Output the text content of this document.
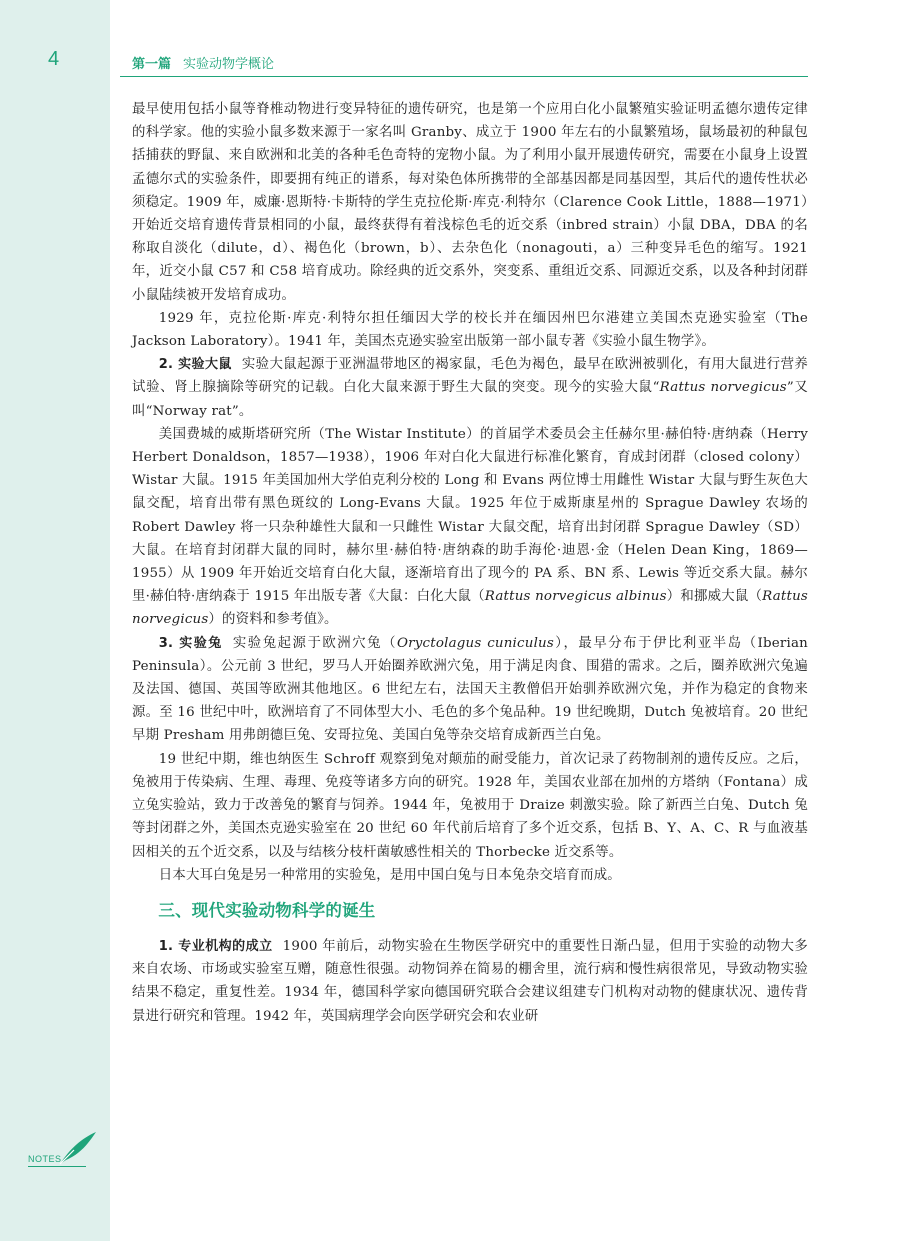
4	第一篇 实验动物学概论

最早使用包括小鼠等脊椎动物进行变异特征的遗传研究，也是第一个应用白化小鼠繁殖实验证明孟德尔遗传定律的科学家。他的实验小鼠多数来源于一家名叫 Granby、成立于 1900 年左右的小鼠繁殖场，鼠场最初的种鼠包括捕获的野鼠、来自欧洲和北美的各种毛色奇特的宠物小鼠。为了利用小鼠开展遗传研究，需要在小鼠身上设置孟德尔式的实验条件，即要拥有纯正的谱系，每对染色体所携带的全部基因都是同基因型，其后代的遗传性状必须稳定。1909 年，威廉·恩斯特·卡斯特的学生克拉伦斯·库克·利特尔（Clarence Cook Little，1888—1971）开始近交培育遗传背景相同的小鼠，最终获得有着浅棕色毛的近交系（inbred strain）小鼠 DBA，DBA 的名称取自淡化（dilute，d）、褐色化（brown，b）、去杂色化（nonagouti，a）三种变异毛色的缩写。1921 年，近交小鼠 C57 和 C58 培育成功。除经典的近交系外，突变系、重组近交系、同源近交系，以及各种封闭群小鼠陆续被开发培育成功。

1929 年，克拉伦斯·库克·利特尔担任缅因大学的校长并在缅因州巴尔港建立美国杰克逊实验室（The Jackson Laboratory）。1941 年，美国杰克逊实验室出版第一部小鼠专著《实验小鼠生物学》。

2. 实验大鼠 实验大鼠起源于亚洲温带地区的褐家鼠，毛色为褐色，最早在欧洲被驯化，有用大鼠进行营养试验、肾上腺摘除等研究的记载。白化大鼠来源于野生大鼠的突变。现今的实验大鼠“Rattus norvegicus”又叫“Norway rat”。

美国费城的威斯塔研究所（The Wistar Institute）的首届学术委员会主任赫尔里·赫伯特·唐纳森（Herry Herbert Donaldson，1857—1938），1906 年对白化大鼠进行标准化繁育，育成封闭群（closed colony）Wistar 大鼠。1915 年美国加州大学伯克利分校的 Long 和 Evans 两位博士用雌性 Wistar 大鼠与野生灰色大鼠交配，培育出带有黑色斑纹的 Long-Evans 大鼠。1925 年位于威斯康星州的 Sprague Dawley 农场的 Robert Dawley 将一只杂种雄性大鼠和一只雌性 Wistar 大鼠交配，培育出封闭群 Sprague Dawley（SD）大鼠。在培育封闭群大鼠的同时，赫尔里·赫伯特·唐纳森的助手海伦·迪恩·金（Helen Dean King，1869—1955）从 1909 年开始近交培育白化大鼠，逐渐培育出了现今的 PA 系、BN 系、Lewis 等近交系大鼠。赫尔里·赫伯特·唐纳森于 1915 年出版专著《大鼠：白化大鼠（Rattus norvegicus albinus）和挪威大鼠（Rattus norvegicus）的资料和参考值》。

3. 实验兔 实验兔起源于欧洲穴兔（Oryctolagus cuniculus），最早分布于伊比利亚半岛（Iberian Peninsula）。公元前 3 世纪，罗马人开始圈养欧洲穴兔，用于满足肉食、围猎的需求。之后，圈养欧洲穴兔遍及法国、德国、英国等欧洲其他地区。6 世纪左右，法国天主教僧侣开始驯养欧洲穴兔，并作为稳定的食物来源。至 16 世纪中叶，欧洲培育了不同体型大小、毛色的多个兔品种。19 世纪晚期，Dutch 兔被培育。20 世纪早期 Presham 用弗朗德巨兔、安哥拉兔、美国白兔等杂交培育成新西兰白兔。

19 世纪中期，维也纳医生 Schroff 观察到兔对颠茄的耐受能力，首次记录了药物制剂的遗传反应。之后，兔被用于传染病、生理、毒理、免疫等诸多方向的研究。1928 年，美国农业部在加州的方塔纳（Fontana）成立兔实验站，致力于改善兔的繁育与饲养。1944 年，兔被用于 Draize 刺激实验。除了新西兰白兔、Dutch 兔等封闭群之外，美国杰克逊实验室在 20 世纪 60 年代前后培育了多个近交系，包括 B、Y、A、C、R 与血液基因相关的五个近交系，以及与结核分枝杆菌敏感性相关的 Thorbecke 近交系等。

日本大耳白兔是另一种常用的实验兔，是用中国白兔与日本兔杂交培育而成。

三、现代实验动物科学的诞生

1. 专业机构的成立 1900 年前后，动物实验在生物医学研究中的重要性日渐凸显，但用于实验的动物大多来自农场、市场或实验室互赠，随意性很强。动物饲养在简易的棚舍里，流行病和慢性病很常见，导致动物实验结果不稳定，重复性差。1934 年，德国科学家向德国研究联合会建议组建专门机构对动物的健康状况、遗传背景进行研究和管理。1942 年，英国病理学会向医学研究会和农业研

NOTES
